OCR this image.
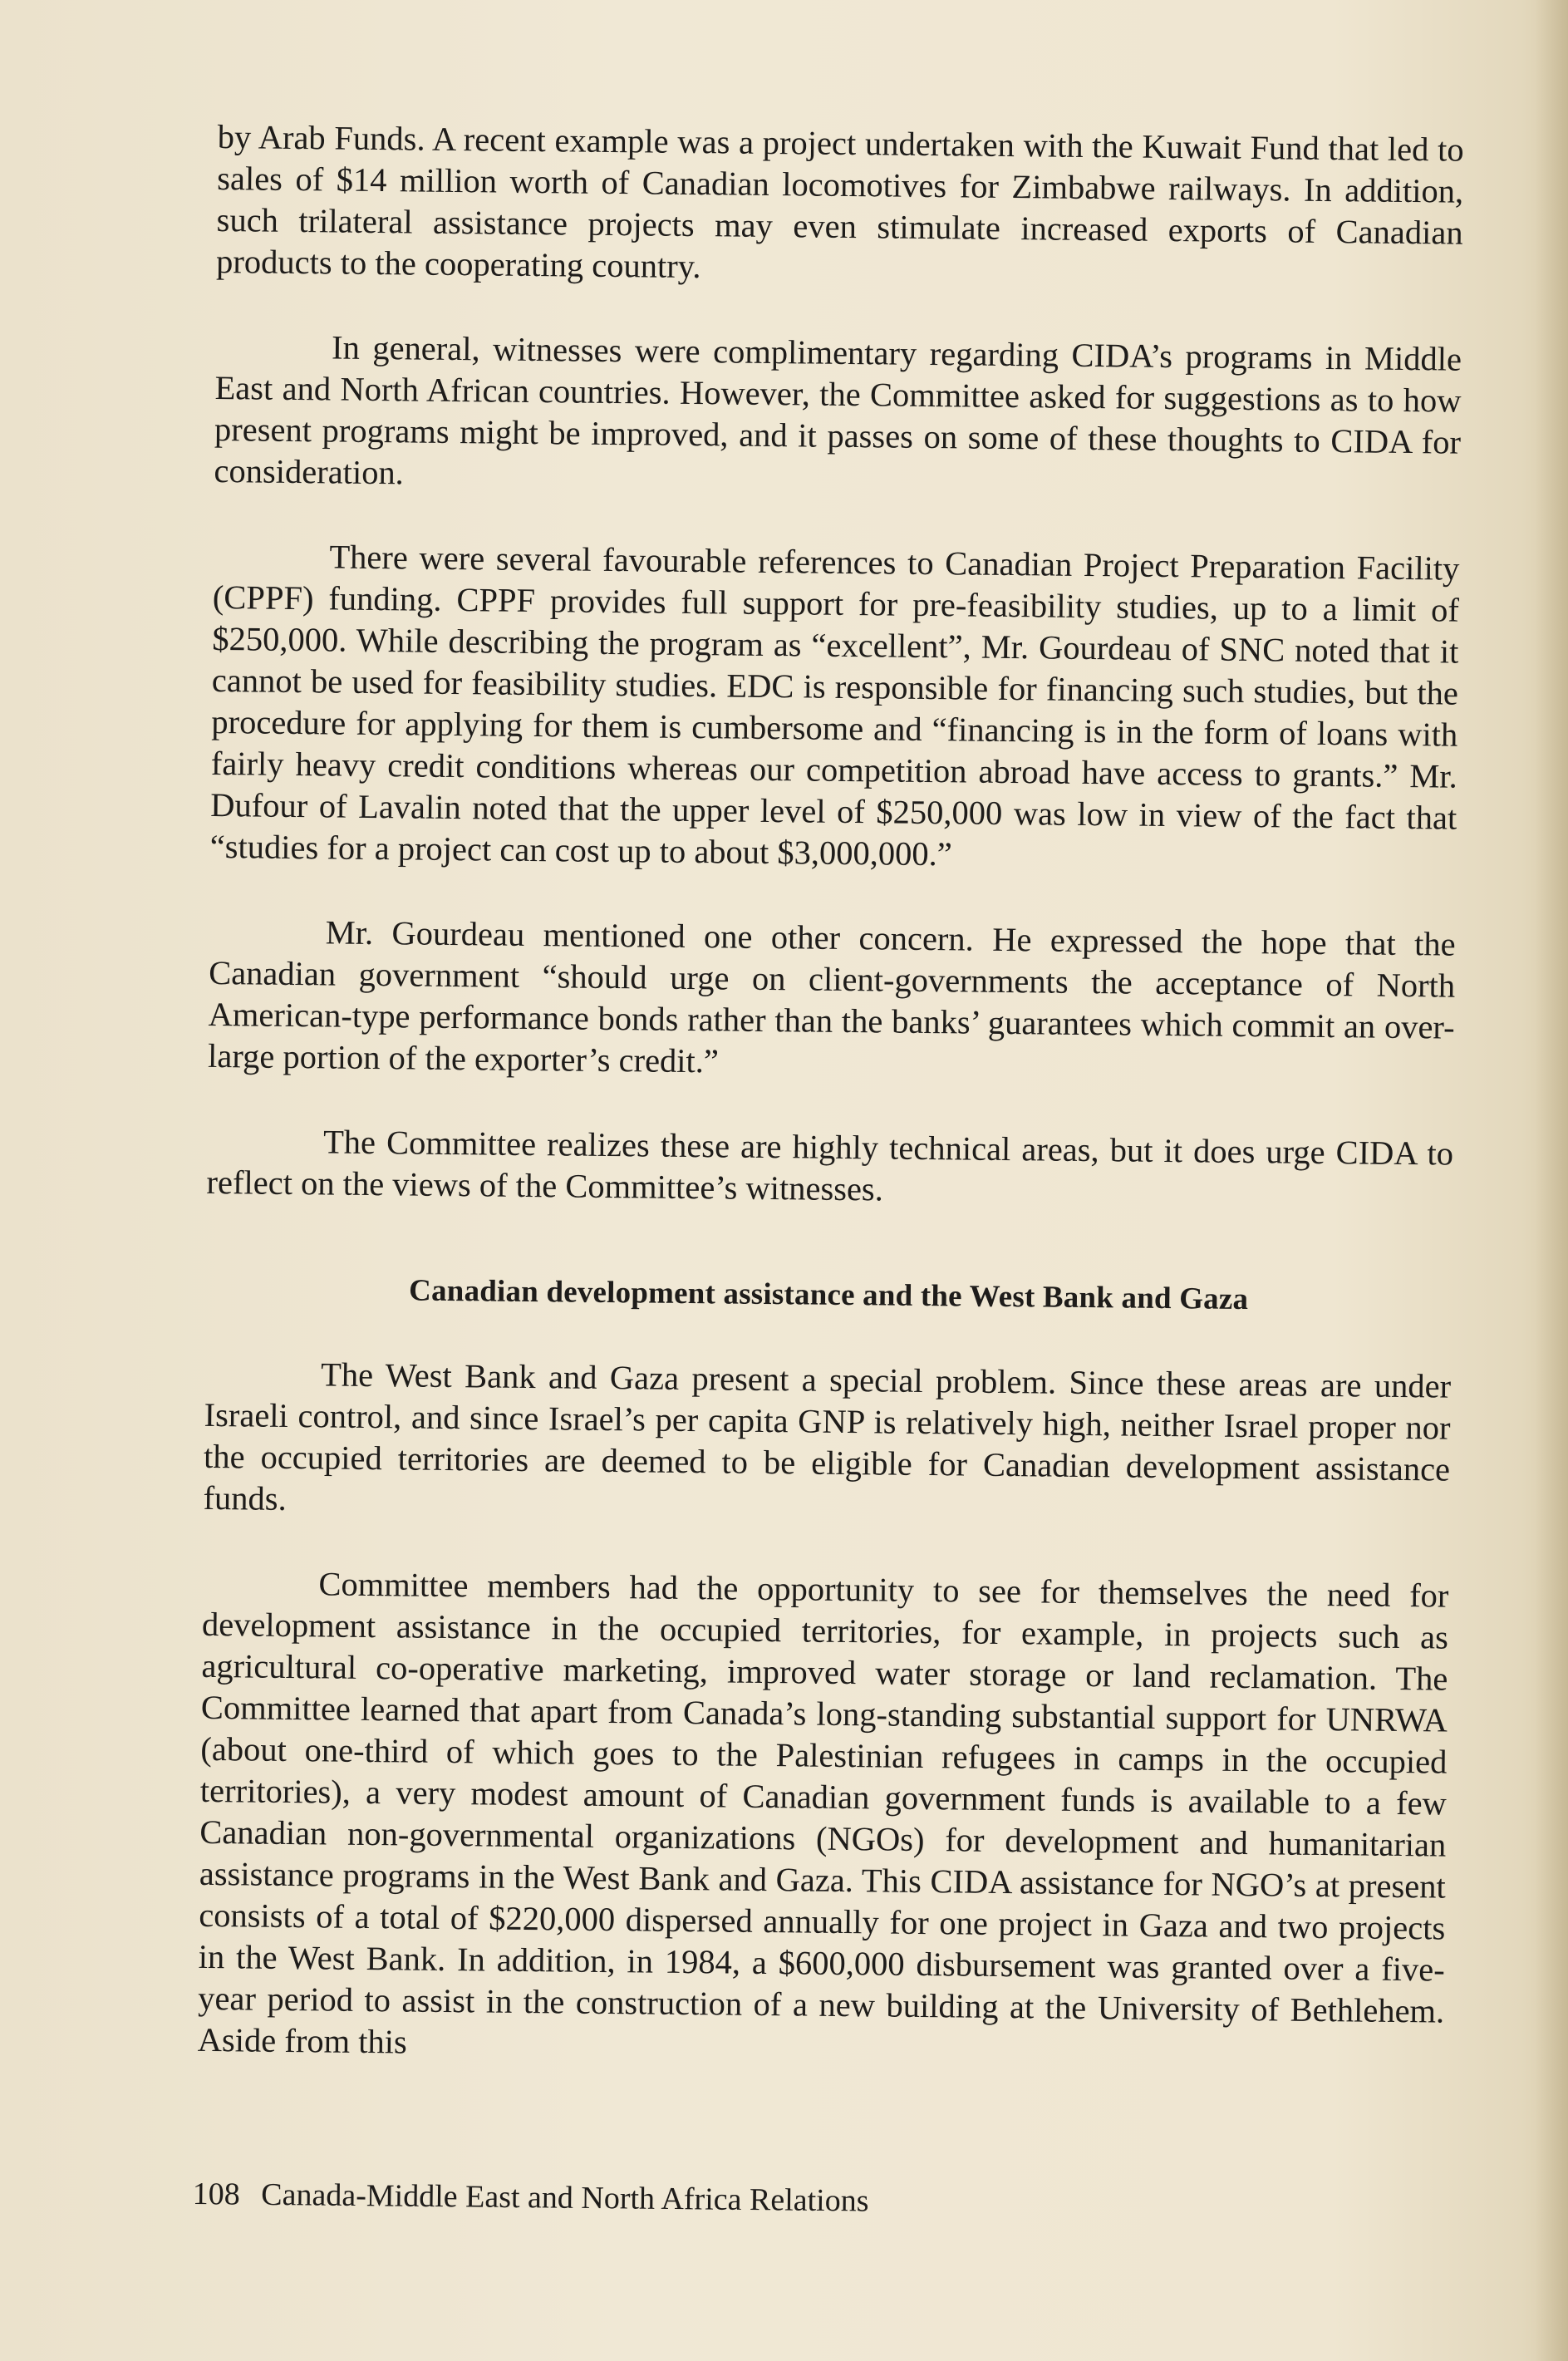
by Arab Funds. A recent example was a project undertaken with the Kuwait Fund that led to sales of $14 million worth of Canadian locomotives for Zimbabwe railways. In addition, such trilateral assistance projects may even stimulate increased exports of Canadian products to the cooperating country.

In general, witnesses were complimentary regarding CIDA’s programs in Middle East and North African countries. However, the Committee asked for suggestions as to how present programs might be improved, and it passes on some of these thoughts to CIDA for consideration.

There were several favourable references to Canadian Project Preparation Facility (CPPF) funding. CPPF provides full support for pre-feasibility studies, up to a limit of $250,000. While describing the program as “excellent”, Mr. Gourdeau of SNC noted that it cannot be used for feasibility studies. EDC is responsible for financing such studies, but the procedure for applying for them is cumbersome and “financing is in the form of loans with fairly heavy credit conditions whereas our competition abroad have access to grants.” Mr. Dufour of Lavalin noted that the upper level of $250,000 was low in view of the fact that “studies for a project can cost up to about $3,000,000.”

Mr. Gourdeau mentioned one other concern. He expressed the hope that the Canadian government “should urge on client-governments the acceptance of North American-type performance bonds rather than the banks’ guarantees which commit an over-large portion of the exporter’s credit.”

The Committee realizes these are highly technical areas, but it does urge CIDA to reflect on the views of the Committee’s witnesses.

Canadian development assistance and the West Bank and Gaza

The West Bank and Gaza present a special problem. Since these areas are under Israeli control, and since Israel’s per capita GNP is relatively high, neither Israel proper nor the occupied territories are deemed to be eligible for Canadian development assistance funds.

Committee members had the opportunity to see for themselves the need for development assistance in the occupied territories, for example, in projects such as agricultural co-operative marketing, improved water storage or land reclamation. The Committee learned that apart from Canada’s long-standing substantial support for UNRWA (about one-third of which goes to the Palestinian refugees in camps in the occupied territories), a very modest amount of Canadian government funds is available to a few Canadian non-governmental organizations (NGOs) for development and humanitarian assistance programs in the West Bank and Gaza. This CIDA assistance for NGO’s at present consists of a total of $220,000 dispersed annually for one project in Gaza and two projects in the West Bank. In addition, in 1984, a $600,000 disbursement was granted over a five-year period to assist in the construction of a new building at the University of Bethlehem. Aside from this

108 Canada-Middle East and North Africa Relations
